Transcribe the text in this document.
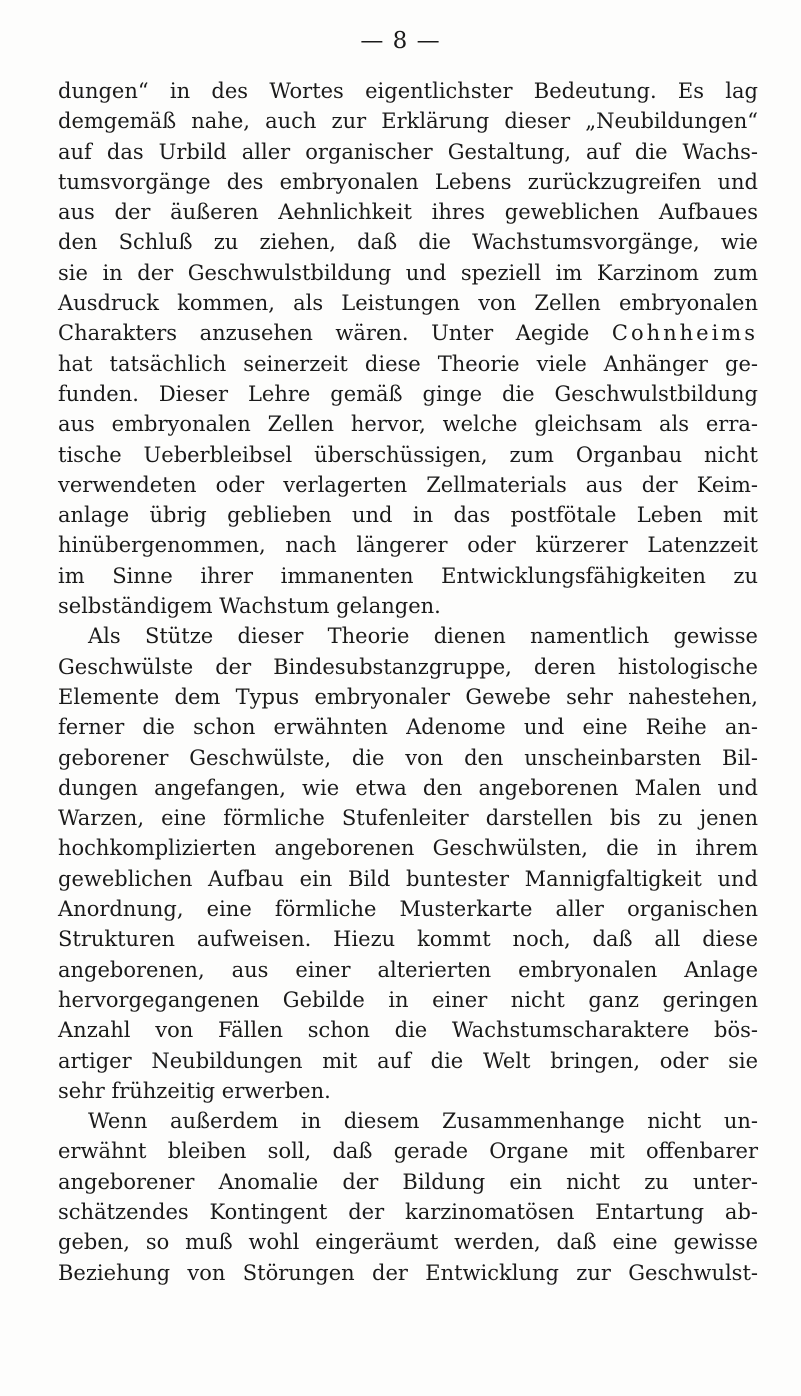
— 8 —
dungen“ in des Wortes eigentlichster Bedeutung. Es lag
demgemäß nahe, auch zur Erklärung dieser „Neubildungen“
auf das Urbild aller organischer Gestaltung, auf die Wachs-
tumsvorgänge des embryonalen Lebens zurückzugreifen und
aus der äußeren Aehnlichkeit ihres geweblichen Aufbaues
den Schluß zu ziehen, daß die Wachstumsvorgänge, wie
sie in der Geschwulstbildung und speziell im Karzinom zum
Ausdruck kommen, als Leistungen von Zellen embryonalen
Charakters anzusehen wären. Unter Aegide Cohnheims
hat tatsächlich seinerzeit diese Theorie viele Anhänger ge-
funden. Dieser Lehre gemäß ginge die Geschwulstbildung
aus embryonalen Zellen hervor, welche gleichsam als erra-
tische Ueberbleibsel überschüssigen, zum Organbau nicht
verwendeten oder verlagerten Zellmaterials aus der Keim-
anlage übrig geblieben und in das postfötale Leben mit
hinübergenommen, nach längerer oder kürzerer Latenzzeit
im Sinne ihrer immanenten Entwicklungsfähigkeiten zu
selbständigem Wachstum gelangen.
Als Stütze dieser Theorie dienen namentlich gewisse
Geschwülste der Bindesubstanzgruppe, deren histologische
Elemente dem Typus embryonaler Gewebe sehr nahestehen,
ferner die schon erwähnten Adenome und eine Reihe an-
geborener Geschwülste, die von den unscheinbarsten Bil-
dungen angefangen, wie etwa den angeborenen Malen und
Warzen, eine förmliche Stufenleiter darstellen bis zu jenen
hochkomplizierten angeborenen Geschwülsten, die in ihrem
geweblichen Aufbau ein Bild buntester Mannigfaltigkeit und
Anordnung, eine förmliche Musterkarte aller organischen
Strukturen aufweisen. Hiezu kommt noch, daß all diese
angeborenen, aus einer alterierten embryonalen Anlage
hervorgegangenen Gebilde in einer nicht ganz geringen
Anzahl von Fällen schon die Wachstumscharaktere bös-
artiger Neubildungen mit auf die Welt bringen, oder sie
sehr frühzeitig erwerben.
Wenn außerdem in diesem Zusammenhange nicht un-
erwähnt bleiben soll, daß gerade Organe mit offenbarer
angeborener Anomalie der Bildung ein nicht zu unter-
schätzendes Kontingent der karzinomatösen Entartung ab-
geben, so muß wohl eingeräumt werden, daß eine gewisse
Beziehung von Störungen der Entwicklung zur Geschwulst-
